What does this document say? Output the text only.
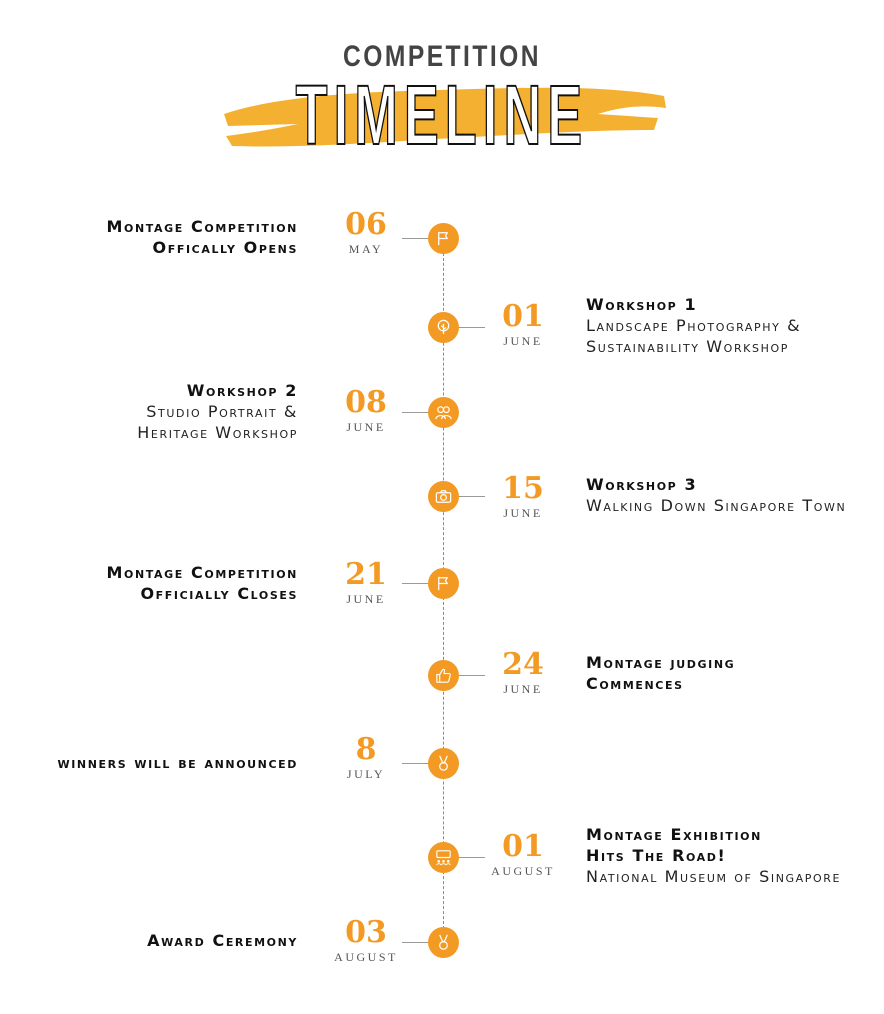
COMPETITION
TIMELINE
06
MAY
Montage Competition
Offically Opens
01
JUNE
Workshop 1
Landscape Photography &
Sustainability Workshop
08
JUNE
Workshop 2
Studio Portrait &
Heritage Workshop
15
JUNE
Workshop 3
Walking Down Singapore Town
21
JUNE
Montage Competition
Officially Closes
24
JUNE
Montage judging
Commences
8
JULY
winners will be announced
01
AUGUST
Montage Exhibition
Hits The Road!
National Museum of Singapore
03
AUGUST
Award Ceremony
